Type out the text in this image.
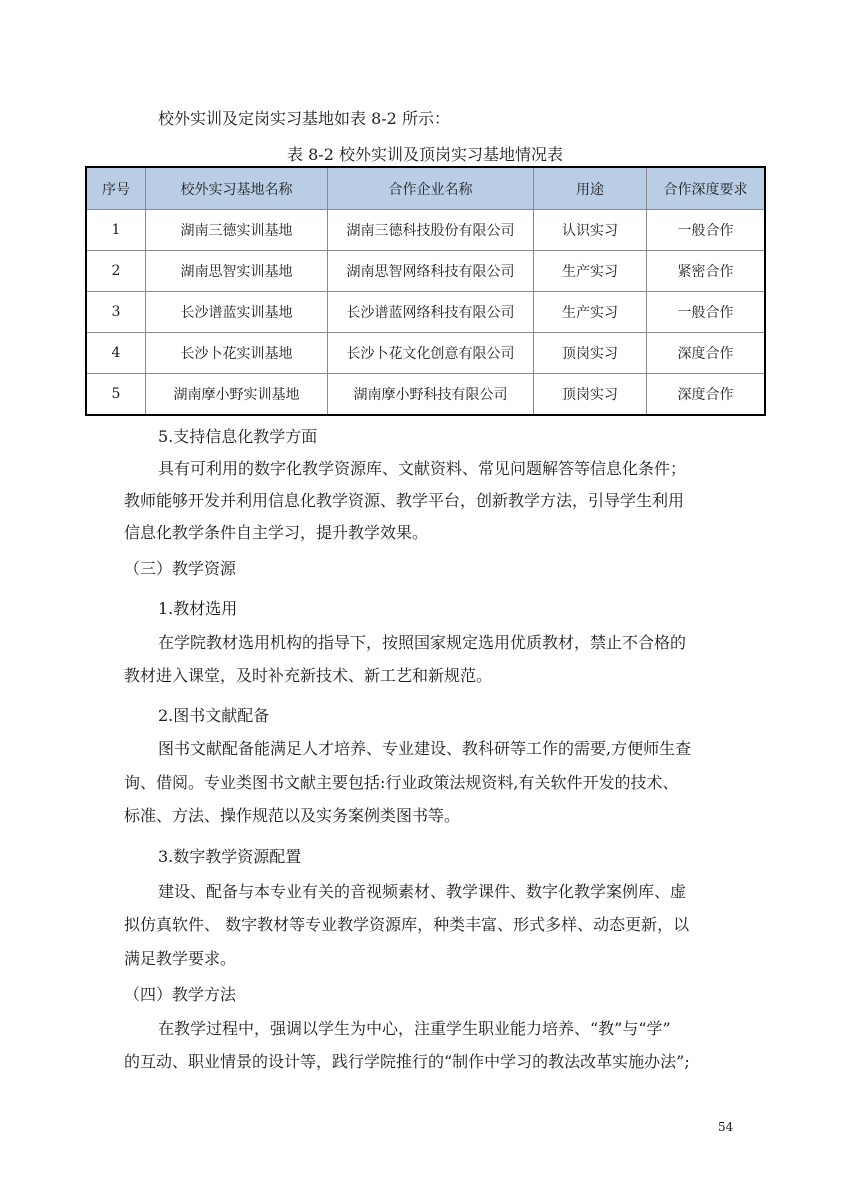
校外实训及定岗实习基地如表 8-2 所示：
表 8-2 校外实训及顶岗实习基地情况表
序号	校外实习基地名称	合作企业名称	用途	合作深度要求
1	湖南三德实训基地	湖南三德科技股份有限公司	认识实习	一般合作
2	湖南思智实训基地	湖南思智网络科技有限公司	生产实习	紧密合作
3	长沙谱蓝实训基地	长沙谱蓝网络科技有限公司	生产实习	一般合作
4	长沙卜花实训基地	长沙卜花文化创意有限公司	顶岗实习	深度合作
5	湖南摩小野实训基地	湖南摩小野科技有限公司	顶岗实习	深度合作
5.支持信息化教学方面
具有可利用的数字化教学资源库、文献资料、常见问题解答等信息化条件；
教师能够开发并利用信息化教学资源、教学平台，创新教学方法，引导学生利用
信息化教学条件自主学习，提升教学效果。
（三）教学资源
1.教材选用
在学院教材选用机构的指导下，按照国家规定选用优质教材，禁止不合格的
教材进入课堂，及时补充新技术、新工艺和新规范。
2.图书文献配备
图书文献配备能满足人才培养、专业建设、教科研等工作的需要,方便师生查
询、借阅。专业类图书文献主要包括:行业政策法规资料,有关软件开发的技术、
标准、方法、操作规范以及实务案例类图书等。
3.数字教学资源配置
建设、配备与本专业有关的音视频素材、教学课件、数字化教学案例库、虚
拟仿真软件、 数字教材等专业教学资源库，种类丰富、形式多样、动态更新，以
满足教学要求。
（四）教学方法
在教学过程中，强调以学生为中心，注重学生职业能力培养、“教”与“学”
的互动、职业情景的设计等，践行学院推行的“制作中学习的教法改革实施办法”;
54
